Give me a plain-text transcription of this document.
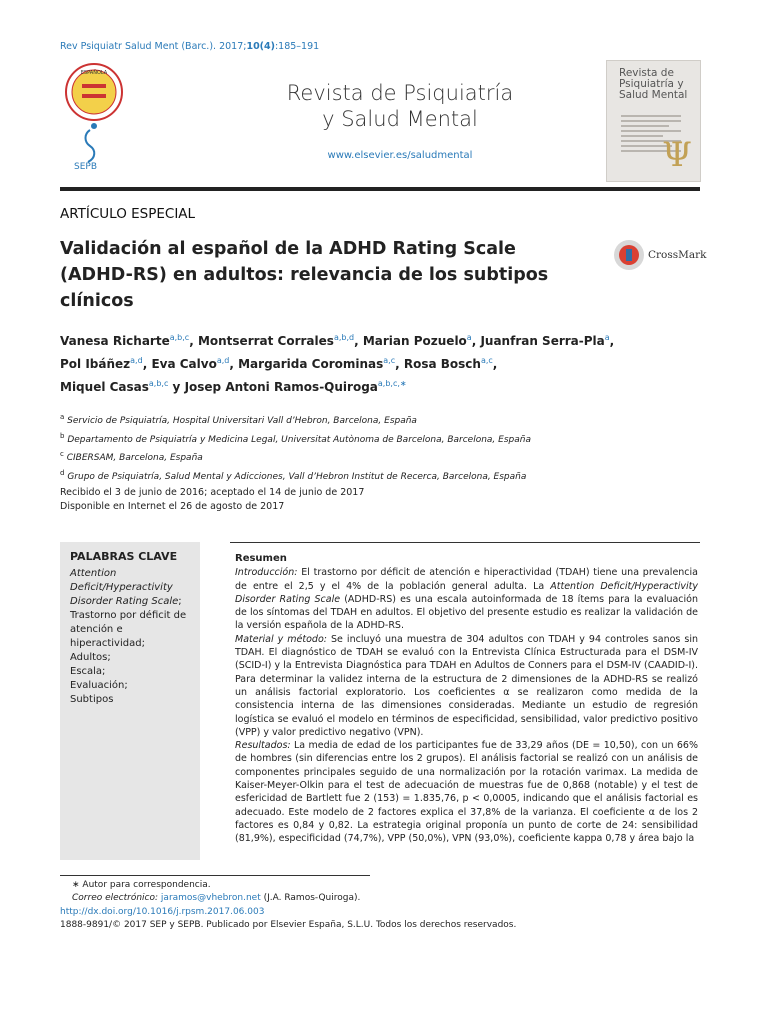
Rev Psiquiatr Salud Ment (Barc.). 2017;10(4):185–191
ESPAÑOLA
SEPB
Revista de Psiquiatría
y Salud Mental
www.elsevier.es/saludmental
Revista de Psiquiatría y Salud Mental
Ψ
ARTÍCULO ESPECIAL
Validación al español de la ADHD Rating Scale (ADHD-RS) en adultos: relevancia de los subtipos clínicos
CrossMark
Vanesa Richarte$^{a,b,c}$, Montserrat Corrales$^{a,b,d}$, Marian Pozuelo$^a$, Juanfran Serra-Pla$^a$,
Pol Ibáñez$^{a,d}$, Eva Calvo$^{a,d}$, Margarida Corominas$^{a,c}$, Rosa Bosch$^{a,c}$,
Miquel Casas$^{a,b,c}$ y Josep Antoni Ramos-Quiroga$^{a,b,c,∗}$
$^a$ Servicio de Psiquiatría, Hospital Universitari Vall d’Hebron, Barcelona, España
$^b$ Departamento de Psiquiatría y Medicina Legal, Universitat Autònoma de Barcelona, Barcelona, España
$^c$ CIBERSAM, Barcelona, España
$^d$ Grupo de Psiquiatría, Salud Mental y Adicciones, Vall d’Hebron Institut de Recerca, Barcelona, España
Recibido el 3 de junio de 2016; aceptado el 14 de junio de 2017
Disponible en Internet el 26 de agosto de 2017
PALABRAS CLAVE
Attention Deficit/Hyperactivity Disorder Rating Scale;
Trastorno por déficit de atención e hiperactividad;
Adultos;
Escala;
Evaluación;
Subtipos
Resumen
Introducción: El trastorno por déficit de atención e hiperactividad (TDAH) tiene una prevalencia de entre el 2,5 y el 4% de la población general adulta. La Attention Deficit/Hyperactivity Disorder Rating Scale (ADHD-RS) es una escala autoinformada de 18 ítems para la evaluación de los síntomas del TDAH en adultos. El objetivo del presente estudio es realizar la validación de la versión española de la ADHD-RS.
Material y método: Se incluyó una muestra de 304 adultos con TDAH y 94 controles sanos sin TDAH. El diagnóstico de TDAH se evaluó con la Entrevista Clínica Estructurada para el DSM-IV (SCID-I) y la Entrevista Diagnóstica para TDAH en Adultos de Conners para el DSM-IV (CAADID-I). Para determinar la validez interna de la estructura de 2 dimensiones de la ADHD-RS se realizó un análisis factorial exploratorio. Los coeficientes α se realizaron como medida de la consistencia interna de las dimensiones consideradas. Mediante un estudio de regresión logística se evaluó el modelo en términos de especificidad, sensibilidad, valor predictivo positivo (VPP) y valor predictivo negativo (VPN).
Resultados: La media de edad de los participantes fue de 33,29 años (DE = 10,50), con un 66% de hombres (sin diferencias entre los 2 grupos). El análisis factorial se realizó con un análisis de componentes principales seguido de una normalización por la rotación varimax. La medida de Kaiser-Meyer-Olkin para el test de adecuación de muestras fue de 0,868 (notable) y el test de esfericidad de Bartlett fue 2 (153) = 1.835,76, p < 0,0005, indicando que el análisis factorial es adecuado. Este modelo de 2 factores explica el 37,8% de la varianza. El coeficiente α de los 2 factores es 0,84 y 0,82. La estrategia original proponía un punto de corte de 24: sensibilidad (81,9%), especificidad (74,7%), VPP (50,0%), VPN (93,0%), coeficiente kappa 0,78 y área bajo la
∗ Autor para correspondencia.
Correo electrónico: jaramos@vhebron.net (J.A. Ramos-Quiroga).
http://dx.doi.org/10.1016/j.rpsm.2017.06.003
1888-9891/© 2017 SEP y SEPB. Publicado por Elsevier España, S.L.U. Todos los derechos reservados.
